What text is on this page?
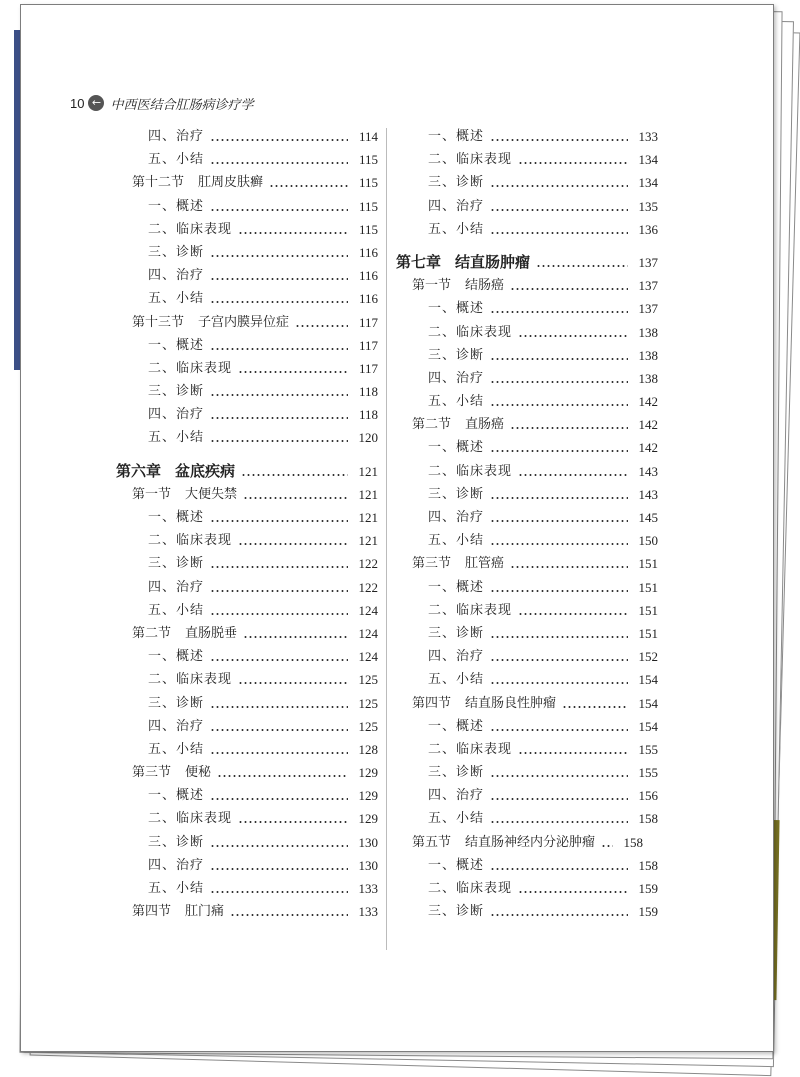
10 ← 中西医结合肛肠病诊疗学
四、治疗	114
五、小结	115
第十二节 肛周皮肤癣	115
一、概述	115
二、临床表现	115
三、诊断	116
四、治疗	116
五、小结	116
第十三节 子宫内膜异位症	117
一、概述	117
二、临床表现	117
三、诊断	118
四、治疗	118
五、小结	120
第六章 盆底疾病	121
第一节 大便失禁	121
一、概述	121
二、临床表现	121
三、诊断	122
四、治疗	122
五、小结	124
第二节 直肠脱垂	124
一、概述	124
二、临床表现	125
三、诊断	125
四、治疗	125
五、小结	128
第三节 便秘	129
一、概述	129
二、临床表现	129
三、诊断	130
四、治疗	130
五、小结	133
第四节 肛门痛	133
一、概述	133
二、临床表现	134
三、诊断	134
四、治疗	135
五、小结	136
第七章 结直肠肿瘤	137
第一节 结肠癌	137
一、概述	137
二、临床表现	138
三、诊断	138
四、治疗	138
五、小结	142
第二节 直肠癌	142
一、概述	142
二、临床表现	143
三、诊断	143
四、治疗	145
五、小结	150
第三节 肛管癌	151
一、概述	151
二、临床表现	151
三、诊断	151
四、治疗	152
五、小结	154
第四节 结直肠良性肿瘤	154
一、概述	154
二、临床表现	155
三、诊断	155
四、治疗	156
五、小结	158
第五节 结直肠神经内分泌肿瘤	158
一、概述	158
二、临床表现	159
三、诊断	159
